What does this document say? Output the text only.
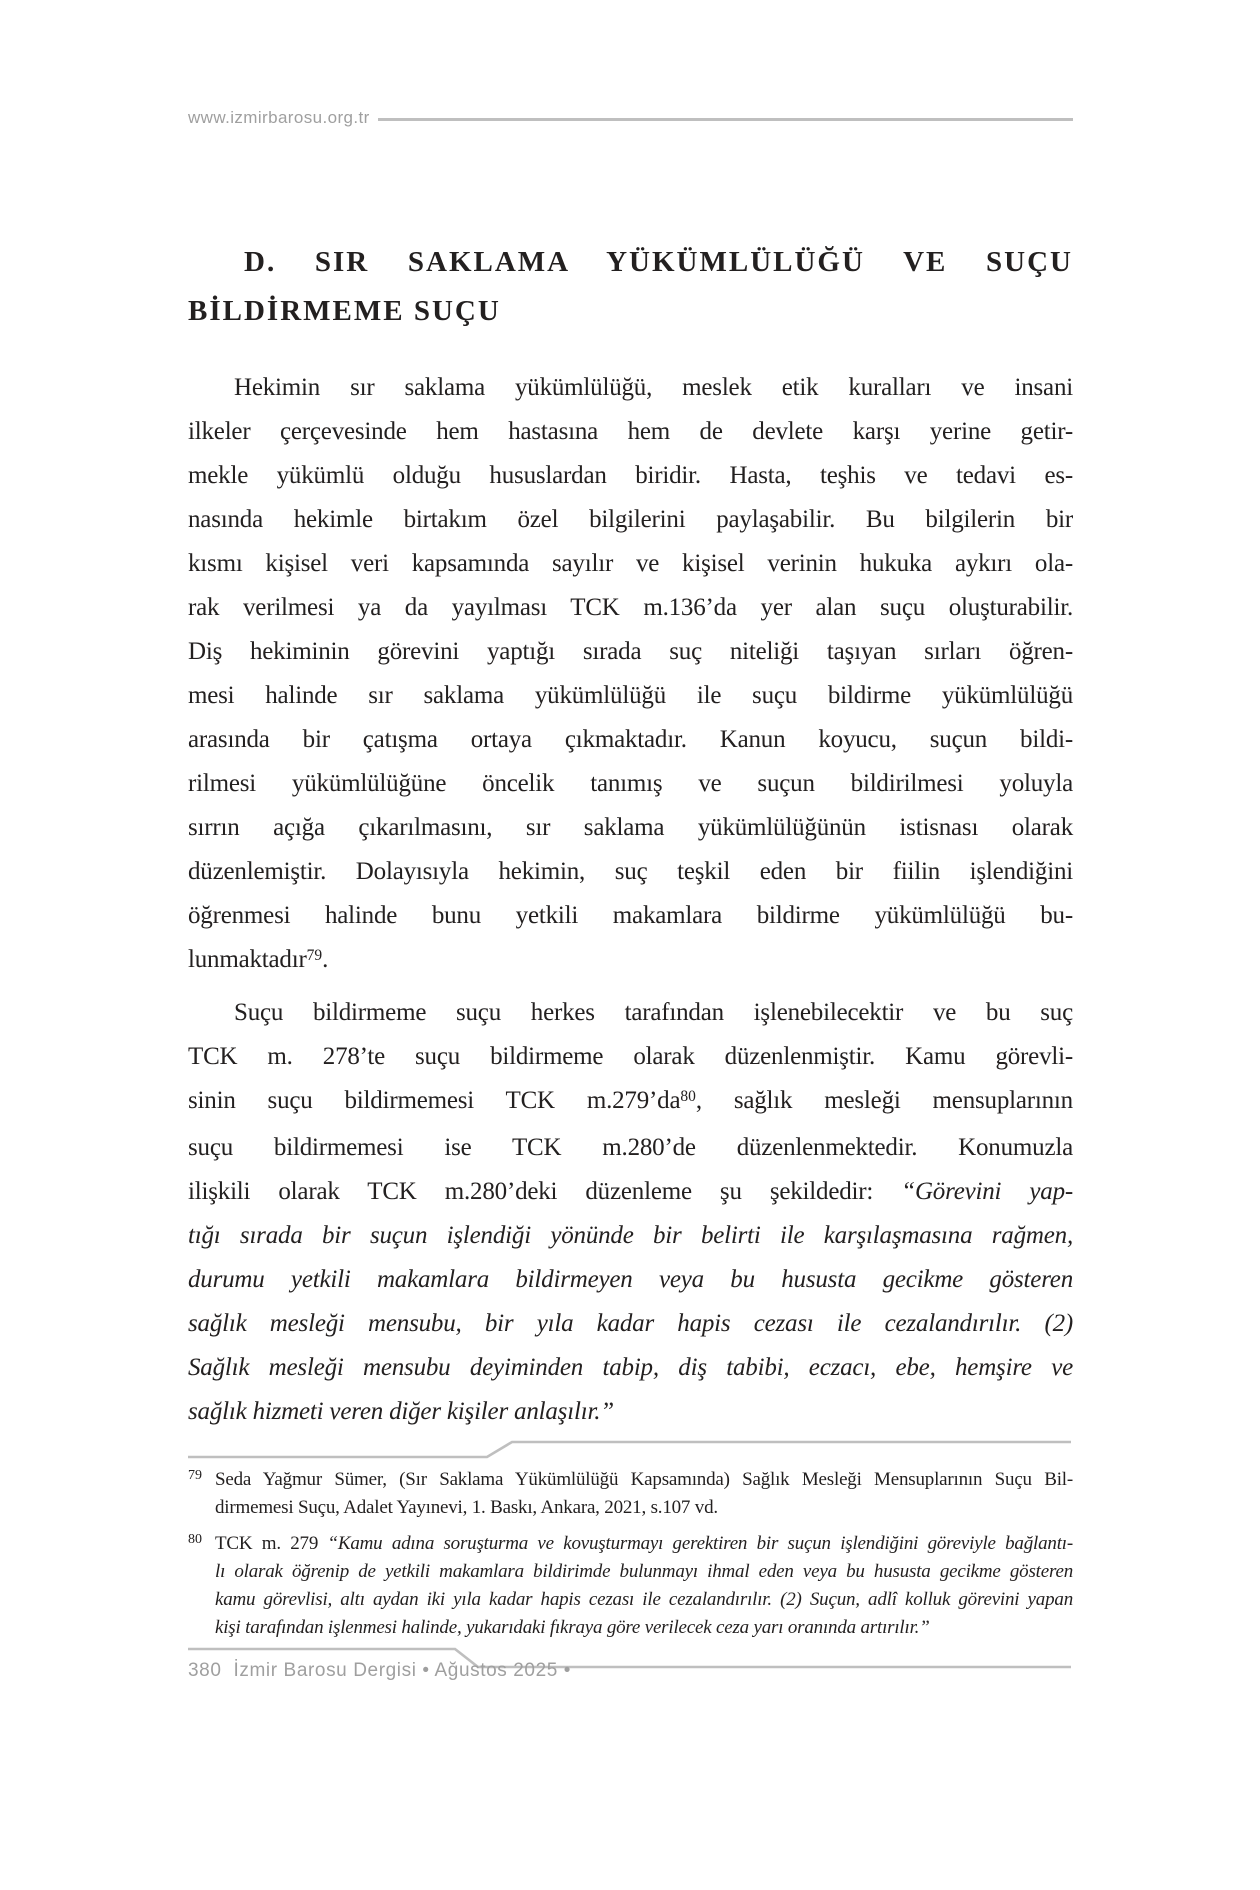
www.izmirbarosu.org.tr
D. SIR SAKLAMA YÜKÜMLÜLÜĞÜ VE SUÇU
BİLDİRMEME SUÇU
Hekimin sır saklama yükümlülüğü, meslek etik kuralları ve insani
ilkeler çerçevesinde hem hastasına hem de devlete karşı yerine getir-
mekle yükümlü olduğu hususlardan biridir. Hasta, teşhis ve tedavi es-
nasında hekimle birtakım özel bilgilerini paylaşabilir. Bu bilgilerin bir
kısmı kişisel veri kapsamında sayılır ve kişisel verinin hukuka aykırı ola-
rak verilmesi ya da yayılması TCK m.136’da yer alan suçu oluşturabilir.
Diş hekiminin görevini yaptığı sırada suç niteliği taşıyan sırları öğren-
mesi halinde sır saklama yükümlülüğü ile suçu bildirme yükümlülüğü
arasında bir çatışma ortaya çıkmaktadır. Kanun koyucu, suçun bildi-
rilmesi yükümlülüğüne öncelik tanımış ve suçun bildirilmesi yoluyla
sırrın açığa çıkarılmasını, sır saklama yükümlülüğünün istisnası olarak
düzenlemiştir. Dolayısıyla hekimin, suç teşkil eden bir fiilin işlendiğini
öğrenmesi halinde bunu yetkili makamlara bildirme yükümlülüğü bu-
lunmaktadır$^{79}$.
Suçu bildirmeme suçu herkes tarafından işlenebilecektir ve bu suç
TCK m. 278’te suçu bildirmeme olarak düzenlenmiştir. Kamu görevli-
sinin suçu bildirmemesi TCK $m.279’da^{80}$, sağlık mesleği mensuplarının
suçu bildirmemesi ise TCK m.280’de düzenlenmektedir. Konumuzla
ilişkili olarak TCK m.280’deki düzenleme şu şekildedir: “Görevini yap-
tığı sırada bir suçun işlendiği yönünde bir belirti ile karşılaşmasına rağmen,
durumu yetkili makamlara bildirmeyen veya bu hususta gecikme gösteren
sağlık mesleği mensubu, bir yıla kadar hapis cezası ile cezalandırılır. (2)
Sağlık mesleği mensubu deyiminden tabip, diş tabibi, eczacı, ebe, hemşire ve
sağlık hizmeti veren diğer kişiler anlaşılır.”
79 Seda Yağmur Sümer, (Sır Saklama Yükümlülüğü Kapsamında) Sağlık Mesleği Mensuplarının Suçu Bil-
dirmemesi Suçu, Adalet Yayınevi, 1. Baskı, Ankara, 2021, s.107 vd.
80 TCK m. 279 “Kamu adına soruşturma ve kovuşturmayı gerektiren bir suçun işlendiğini göreviyle bağlantı-
lı olarak öğrenip de yetkili makamlara bildirimde bulunmayı ihmal eden veya bu hususta gecikme gösteren
kamu görevlisi, altı aydan iki yıla kadar hapis cezası ile cezalandırılır. (2) Suçun, adlî kolluk görevini yapan
kişi tarafından işlenmesi halinde, yukarıdaki fıkraya göre verilecek ceza yarı oranında artırılır.”
380 İzmir Barosu Dergisi • Ağustos 2025 •
